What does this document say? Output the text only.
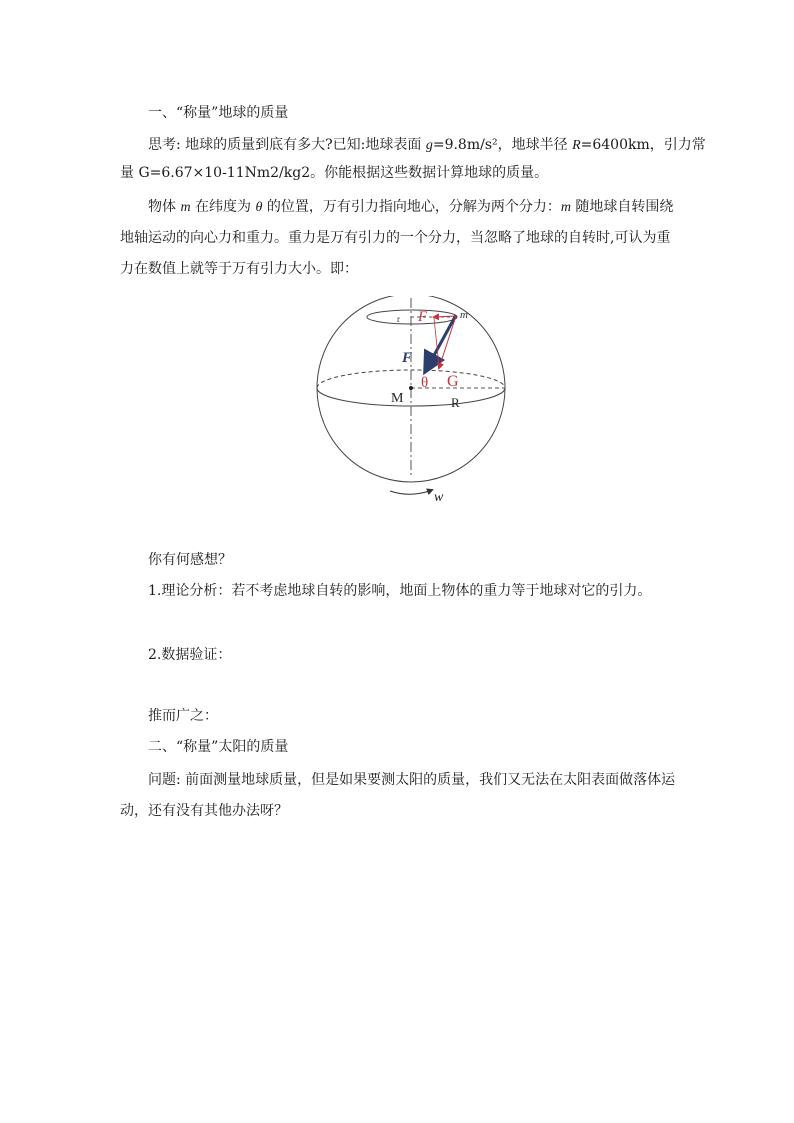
一、“称量”地球的质量
思考: 地球的质量到底有多大?已知:地球表面 g=9.8m/s²，地球半径 R=6400km，引力常
量 G=6.67×10-11Nm2/kg2。你能根据这些数据计算地球的质量。
物体 m 在纬度为 θ 的位置，万有引力指向地心，分解为两个分力：m 随地球自转围绕
地轴运动的向心力和重力。重力是万有引力的一个分力，当忽略了地球的自转时,可认为重
力在数值上就等于万有引力大小。即：
F	m
r
F
θ G
M	R
w
你有何感想？
1.理论分析：若不考虑地球自转的影响，地面上物体的重力等于地球对它的引力。
2.数据验证：
推而广之：
二、“称量”太阳的质量
问题: 前面测量地球质量，但是如果要测太阳的质量，我们又无法在太阳表面做落体运
动，还有没有其他办法呀？
